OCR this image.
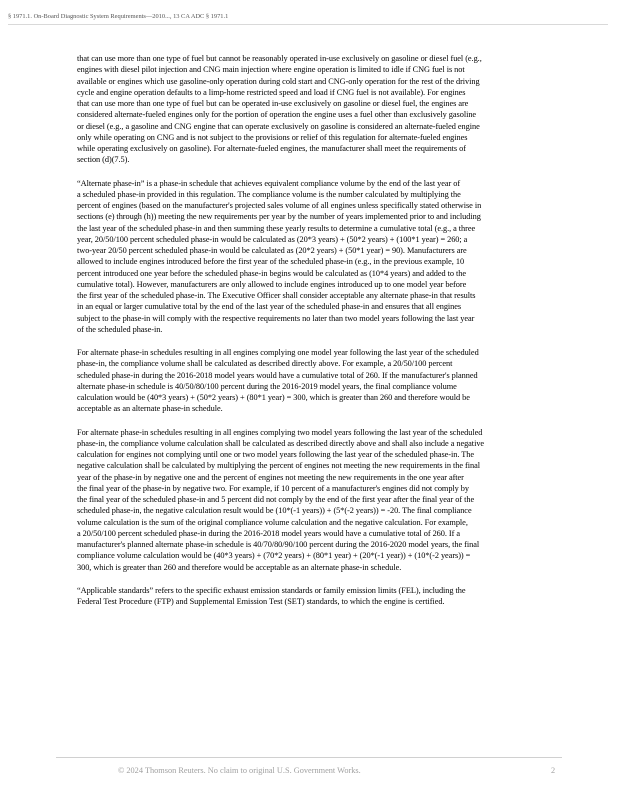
§ 1971.1. On-Board Diagnostic System Requirements—2010..., 13 CA ADC § 1971.1

that can use more than one type of fuel but cannot be reasonably operated in-use exclusively on gasoline or diesel fuel (e.g.,
engines with diesel pilot injection and CNG main injection where engine operation is limited to idle if CNG fuel is not
available or engines which use gasoline-only operation during cold start and CNG-only operation for the rest of the driving
cycle and engine operation defaults to a limp-home restricted speed and load if CNG fuel is not available). For engines
that can use more than one type of fuel but can be operated in-use exclusively on gasoline or diesel fuel, the engines are
considered alternate-fueled engines only for the portion of operation the engine uses a fuel other than exclusively gasoline
or diesel (e.g., a gasoline and CNG engine that can operate exclusively on gasoline is considered an alternate-fueled engine
only while operating on CNG and is not subject to the provisions or relief of this regulation for alternate-fueled engines
while operating exclusively on gasoline). For alternate-fueled engines, the manufacturer shall meet the requirements of
section (d)(7.5).

“Alternate phase-in” is a phase-in schedule that achieves equivalent compliance volume by the end of the last year of
a scheduled phase-in provided in this regulation. The compliance volume is the number calculated by multiplying the
percent of engines (based on the manufacturer's projected sales volume of all engines unless specifically stated otherwise in
sections (e) through (h)) meeting the new requirements per year by the number of years implemented prior to and including
the last year of the scheduled phase-in and then summing these yearly results to determine a cumulative total (e.g., a three
year, 20/50/100 percent scheduled phase-in would be calculated as (20*3 years) + (50*2 years) + (100*1 year) = 260; a
two-year 20/50 percent scheduled phase-in would be calculated as (20*2 years) + (50*1 year) = 90). Manufacturers are
allowed to include engines introduced before the first year of the scheduled phase-in (e.g., in the previous example, 10
percent introduced one year before the scheduled phase-in begins would be calculated as (10*4 years) and added to the
cumulative total). However, manufacturers are only allowed to include engines introduced up to one model year before
the first year of the scheduled phase-in. The Executive Officer shall consider acceptable any alternate phase-in that results
in an equal or larger cumulative total by the end of the last year of the scheduled phase-in and ensures that all engines
subject to the phase-in will comply with the respective requirements no later than two model years following the last year
of the scheduled phase-in.

For alternate phase-in schedules resulting in all engines complying one model year following the last year of the scheduled
phase-in, the compliance volume shall be calculated as described directly above. For example, a 20/50/100 percent
scheduled phase-in during the 2016-2018 model years would have a cumulative total of 260. If the manufacturer's planned
alternate phase-in schedule is 40/50/80/100 percent during the 2016-2019 model years, the final compliance volume
calculation would be (40*3 years) + (50*2 years) + (80*1 year) = 300, which is greater than 260 and therefore would be
acceptable as an alternate phase-in schedule.

For alternate phase-in schedules resulting in all engines complying two model years following the last year of the scheduled
phase-in, the compliance volume calculation shall be calculated as described directly above and shall also include a negative
calculation for engines not complying until one or two model years following the last year of the scheduled phase-in. The
negative calculation shall be calculated by multiplying the percent of engines not meeting the new requirements in the final
year of the phase-in by negative one and the percent of engines not meeting the new requirements in the one year after
the final year of the phase-in by negative two. For example, if 10 percent of a manufacturer's engines did not comply by
the final year of the scheduled phase-in and 5 percent did not comply by the end of the first year after the final year of the
scheduled phase-in, the negative calculation result would be (10*(-1 years)) + (5*(-2 years)) = -20. The final compliance
volume calculation is the sum of the original compliance volume calculation and the negative calculation. For example,
a 20/50/100 percent scheduled phase-in during the 2016-2018 model years would have a cumulative total of 260. If a
manufacturer's planned alternate phase-in schedule is 40/70/80/90/100 percent during the 2016-2020 model years, the final
compliance volume calculation would be (40*3 years) + (70*2 years) + (80*1 year) + (20*(-1 year)) + (10*(-2 years)) =
300, which is greater than 260 and therefore would be acceptable as an alternate phase-in schedule.

“Applicable standards” refers to the specific exhaust emission standards or family emission limits (FEL), including the
Federal Test Procedure (FTP) and Supplemental Emission Test (SET) standards, to which the engine is certified.

© 2024 Thomson Reuters. No claim to original U.S. Government Works.	2
